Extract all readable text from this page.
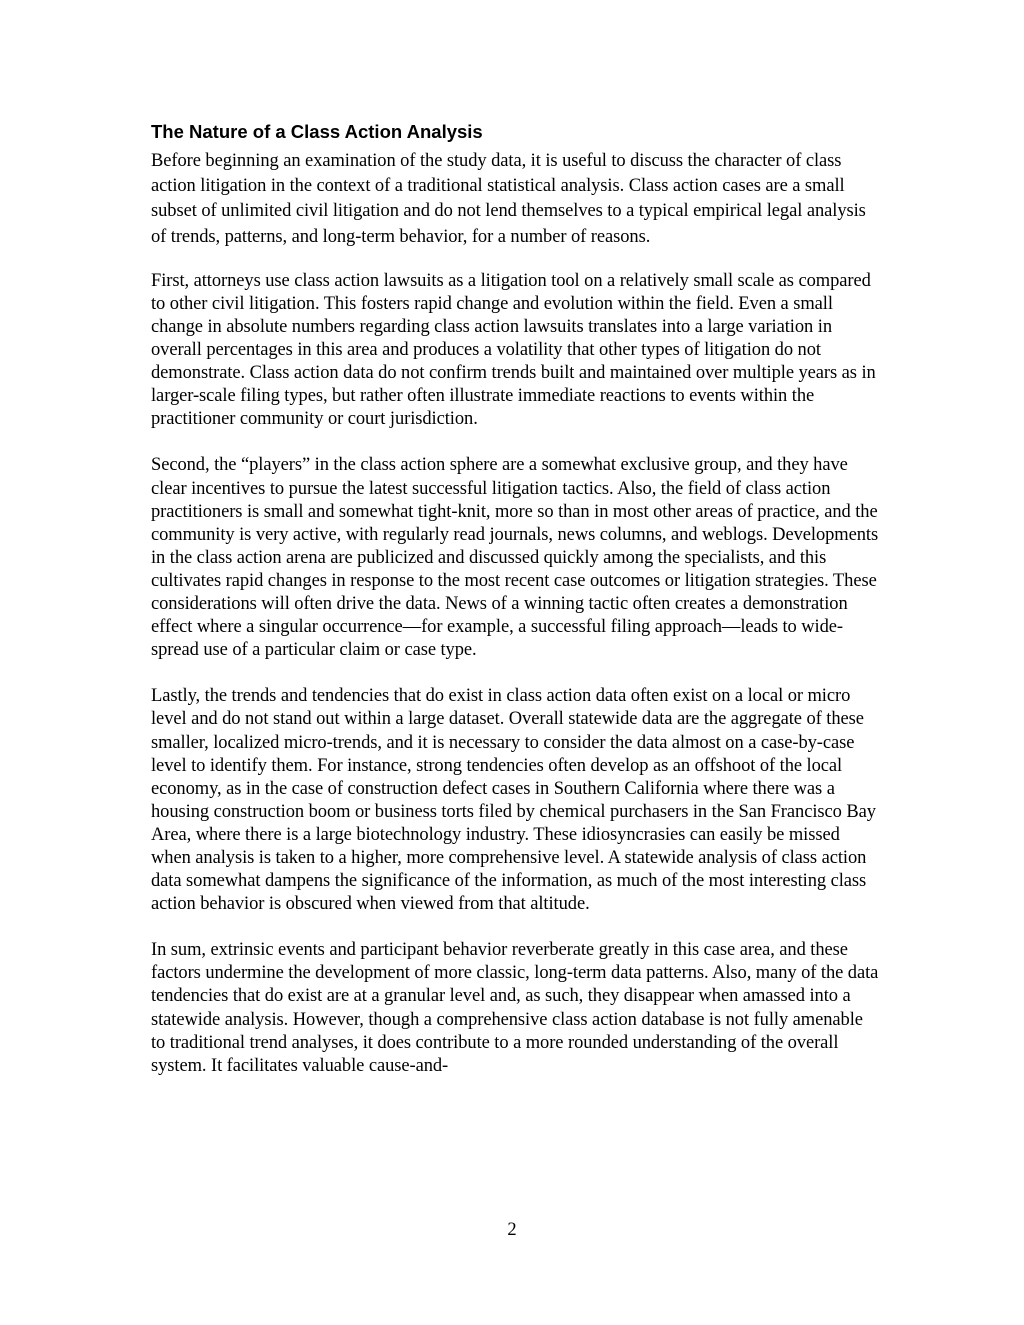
The Nature of a Class Action Analysis

Before beginning an examination of the study data, it is useful to discuss the character of class action litigation in the context of a traditional statistical analysis. Class action cases are a small subset of unlimited civil litigation and do not lend themselves to a typical empirical legal analysis of trends, patterns, and long-term behavior, for a number of reasons.

First, attorneys use class action lawsuits as a litigation tool on a relatively small scale as compared to other civil litigation. This fosters rapid change and evolution within the field. Even a small change in absolute numbers regarding class action lawsuits translates into a large variation in overall percentages in this area and produces a volatility that other types of litigation do not demonstrate. Class action data do not confirm trends built and maintained over multiple years as in larger-scale filing types, but rather often illustrate immediate reactions to events within the practitioner community or court jurisdiction.

Second, the “players” in the class action sphere are a somewhat exclusive group, and they have clear incentives to pursue the latest successful litigation tactics. Also, the field of class action practitioners is small and somewhat tight-knit, more so than in most other areas of practice, and the community is very active, with regularly read journals, news columns, and weblogs. Developments in the class action arena are publicized and discussed quickly among the specialists, and this cultivates rapid changes in response to the most recent case outcomes or litigation strategies. These considerations will often drive the data. News of a winning tactic often creates a demonstration effect where a singular occurrence—for example, a successful filing approach—leads to wide-spread use of a particular claim or case type.

Lastly, the trends and tendencies that do exist in class action data often exist on a local or micro level and do not stand out within a large dataset. Overall statewide data are the aggregate of these smaller, localized micro-trends, and it is necessary to consider the data almost on a case-by-case level to identify them. For instance, strong tendencies often develop as an offshoot of the local economy, as in the case of construction defect cases in Southern California where there was a housing construction boom or business torts filed by chemical purchasers in the San Francisco Bay Area, where there is a large biotechnology industry. These idiosyncrasies can easily be missed when analysis is taken to a higher, more comprehensive level. A statewide analysis of class action data somewhat dampens the significance of the information, as much of the most interesting class action behavior is obscured when viewed from that altitude.

In sum, extrinsic events and participant behavior reverberate greatly in this case area, and these factors undermine the development of more classic, long-term data patterns. Also, many of the data tendencies that do exist are at a granular level and, as such, they disappear when amassed into a statewide analysis. However, though a comprehensive class action database is not fully amenable to traditional trend analyses, it does contribute to a more rounded understanding of the overall system. It facilitates valuable cause-and-

2
